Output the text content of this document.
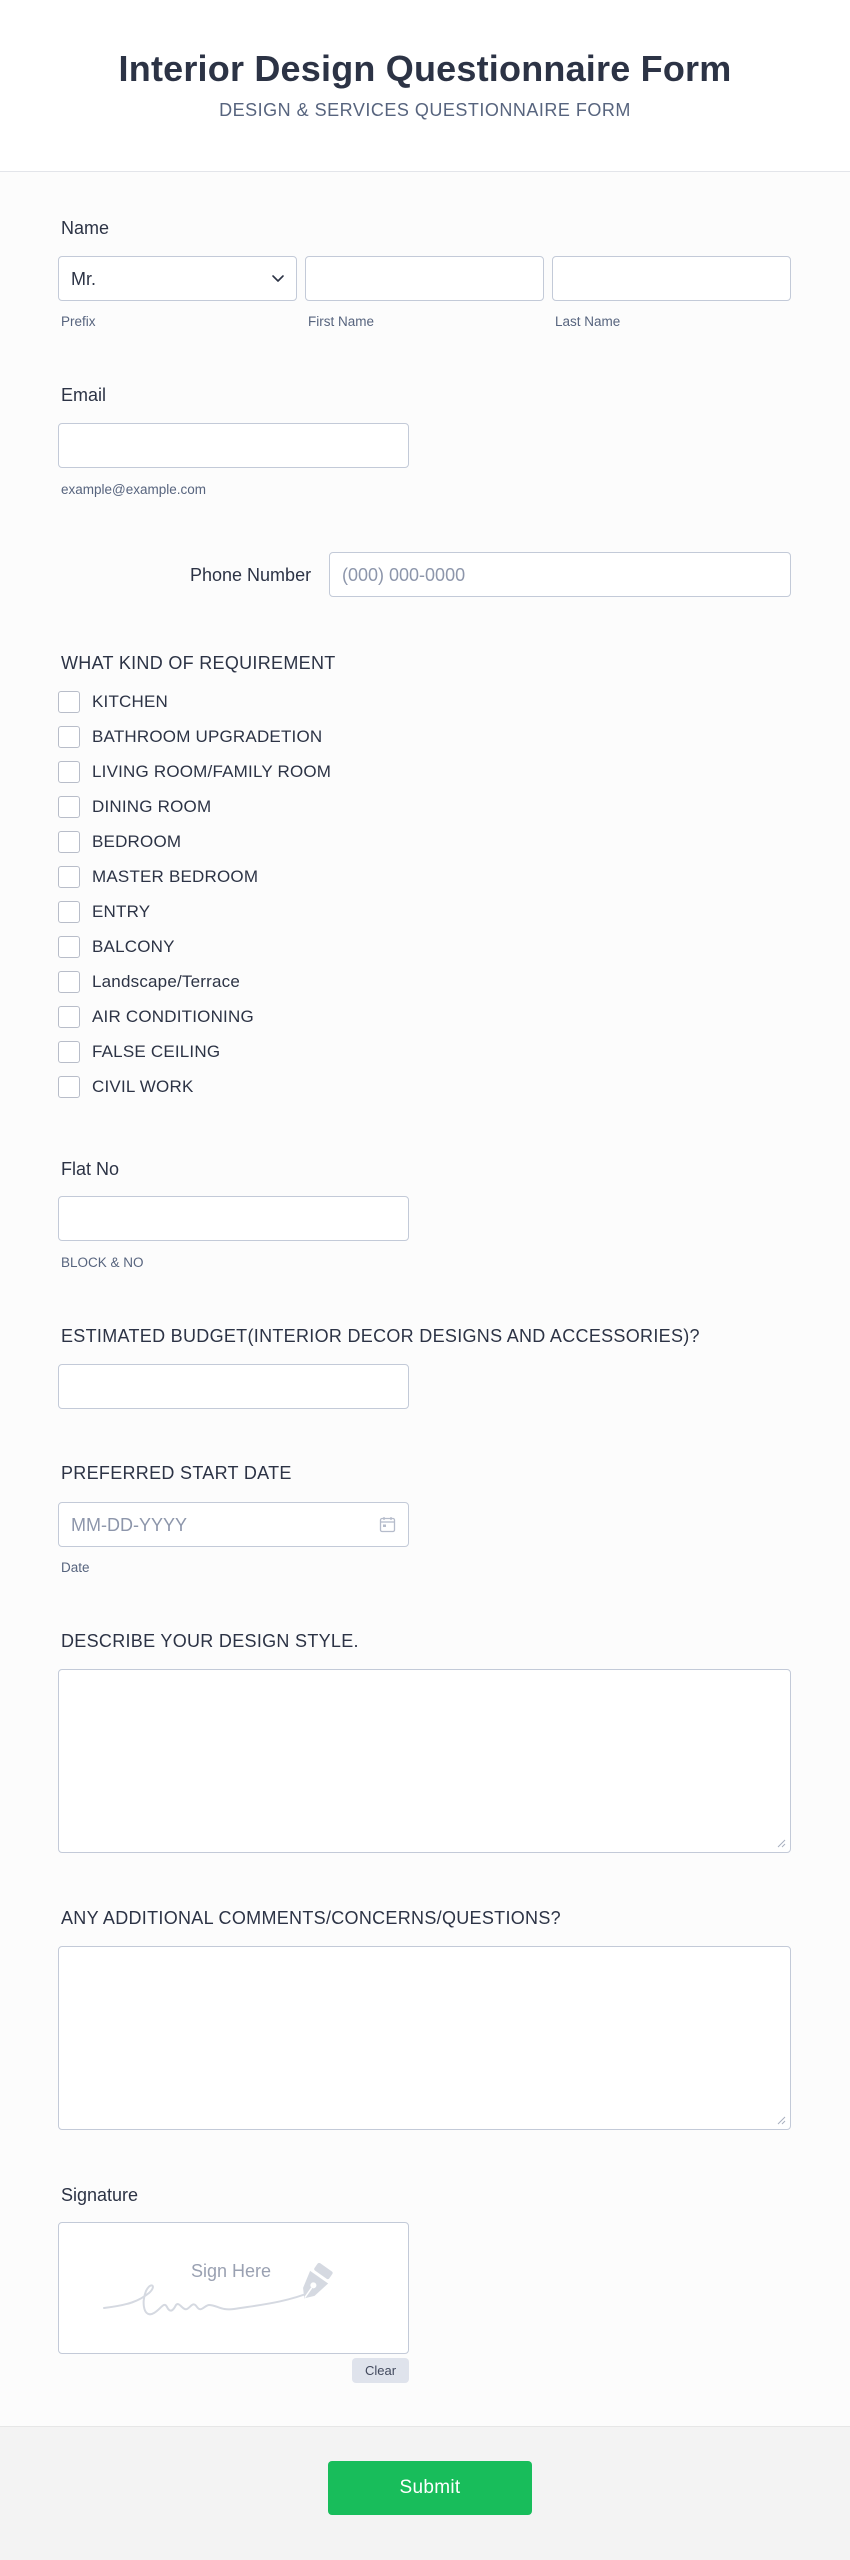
Interior Design Questionnaire Form
DESIGN & SERVICES QUESTIONNAIRE FORM
Name
Mr.
Prefix	First Name	Last Name
Email
example@example.com
Phone Number (000) 000-0000
WHAT KIND OF REQUIREMENT
KITCHEN
BATHROOM UPGRADETION
LIVING ROOM/FAMILY ROOM
DINING ROOM
BEDROOM
MASTER BEDROOM
ENTRY
BALCONY
Landscape/Terrace
AIR CONDITIONING
FALSE CEILING
CIVIL WORK
Flat No
BLOCK & NO
ESTIMATED BUDGET(INTERIOR DECOR DESIGNS AND ACCESSORIES)?
PREFERRED START DATE
MM-DD-YYYY
Date
DESCRIBE YOUR DESIGN STYLE.
ANY ADDITIONAL COMMENTS/CONCERNS/QUESTIONS?
Signature
Sign Here
Clear
Submit
